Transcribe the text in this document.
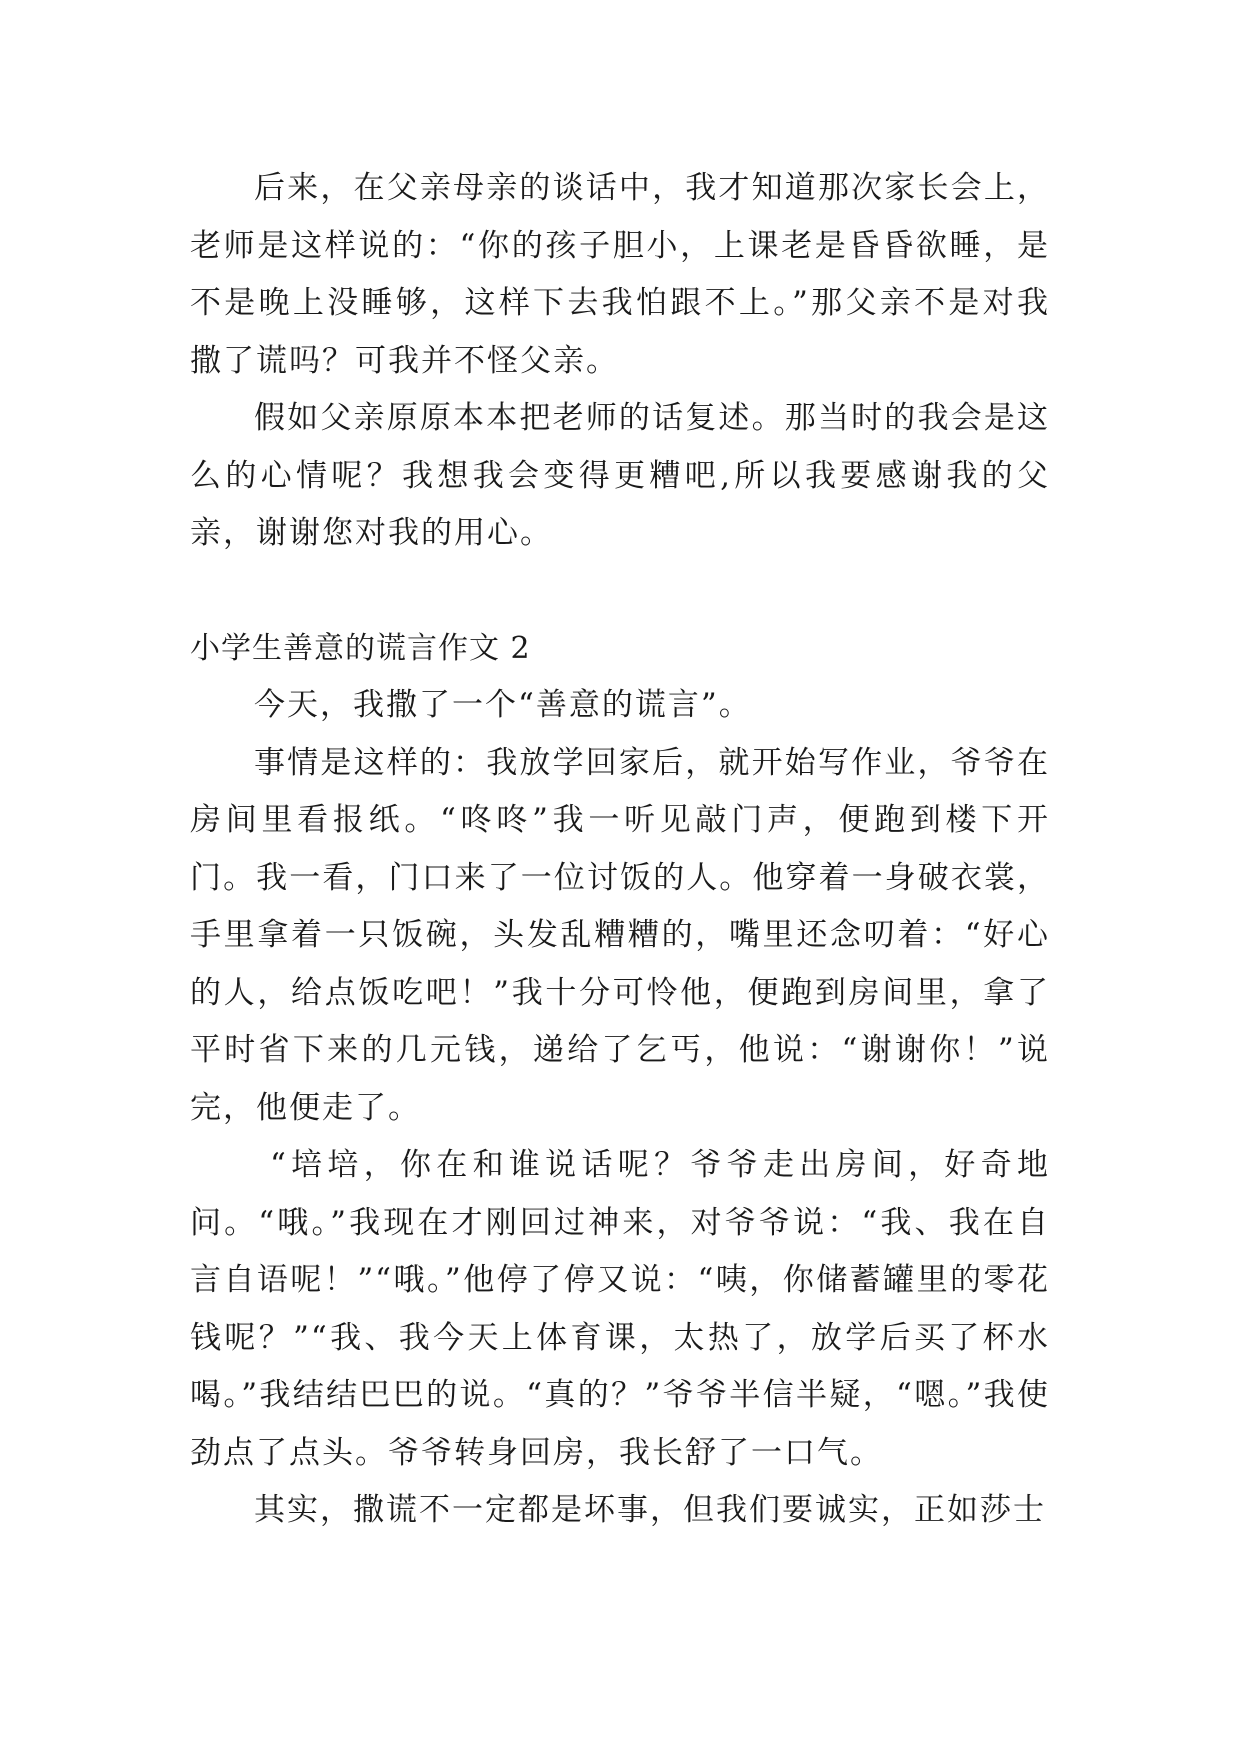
后来，在父亲母亲的谈话中，我才知道那次家长会上，老师是这样说的：“你的孩子胆小，上课老是昏昏欲睡，是不是晚上没睡够，这样下去我怕跟不上。”那父亲不是对我撒了谎吗？可我并不怪父亲。

假如父亲原原本本把老师的话复述。那当时的我会是这么的心情呢？我想我会变得更糟吧,所以我要感谢我的父亲，谢谢您对我的用心。

小学生善意的谎言作文 2

今天，我撒了一个“善意的谎言”。

事情是这样的：我放学回家后，就开始写作业，爷爷在房间里看报纸。“咚咚”我一听见敲门声，便跑到楼下开门。我一看，门口来了一位讨饭的人。他穿着一身破衣裳，手里拿着一只饭碗，头发乱糟糟的，嘴里还念叨着：“好心的人，给点饭吃吧！”我十分可怜他，便跑到房间里，拿了平时省下来的几元钱，递给了乞丐，他说：“谢谢你！”说完，他便走了。

“培培，你在和谁说话呢？爷爷走出房间，好奇地问。“哦。”我现在才刚回过神来，对爷爷说：“我、我在自言自语呢！”“哦。”他停了停又说：“咦，你储蓄罐里的零花钱呢？”“我、我今天上体育课，太热了，放学后买了杯水喝。”我结结巴巴的说。“真的？”爷爷半信半疑，“嗯。”我使劲点了点头。爷爷转身回房，我长舒了一口气。

其实，撒谎不一定都是坏事，但我们要诚实，正如莎士
